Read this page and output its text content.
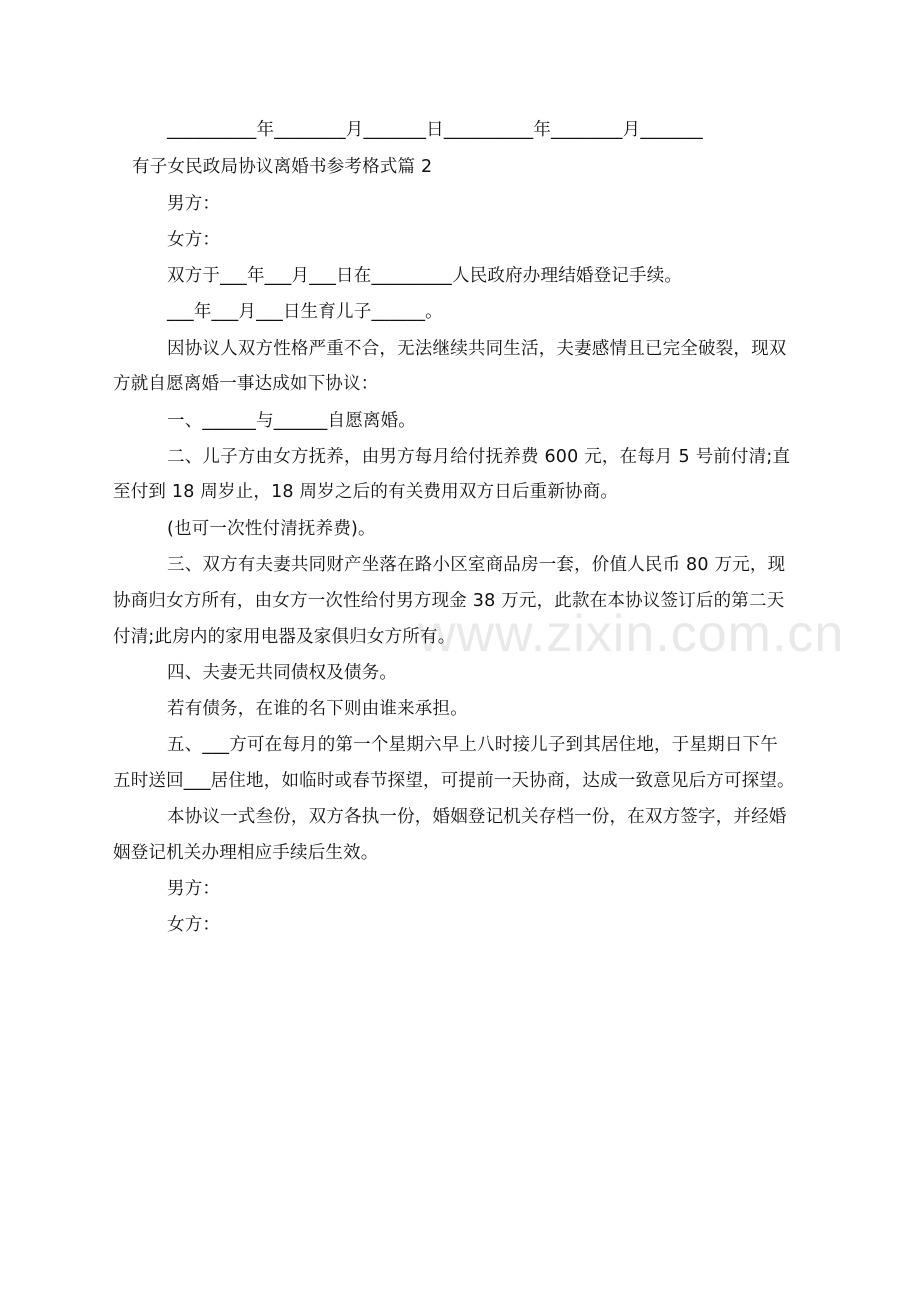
www.zixin.com.cn
__________年________月_______日__________年________月_______
有子女民政局协议离婚书参考格式篇 2
男方：
女方：
双方于___年___月___日在_________人民政府办理结婚登记手续。
___年___月___日生育儿子______。
因协议人双方性格严重不合，无法继续共同生活，夫妻感情且已完全破裂，现双
方就自愿离婚一事达成如下协议：
一、______与______自愿离婚。
二、儿子方由女方抚养，由男方每月给付抚养费 600 元，在每月 5 号前付清;直
至付到 18 周岁止，18 周岁之后的有关费用双方日后重新协商。
(也可一次性付清抚养费)。
三、双方有夫妻共同财产坐落在路小区室商品房一套，价值人民币 80 万元，现
协商归女方所有，由女方一次性给付男方现金 38 万元，此款在本协议签订后的第二天
付清;此房内的家用电器及家俱归女方所有。
四、夫妻无共同债权及债务。
若有债务，在谁的名下则由谁来承担。
五、___方可在每月的第一个星期六早上八时接儿子到其居住地，于星期日下午
五时送回___居住地，如临时或春节探望，可提前一天协商，达成一致意见后方可探望。
本协议一式叁份，双方各执一份，婚姻登记机关存档一份，在双方签字，并经婚
姻登记机关办理相应手续后生效。
男方：
女方：
